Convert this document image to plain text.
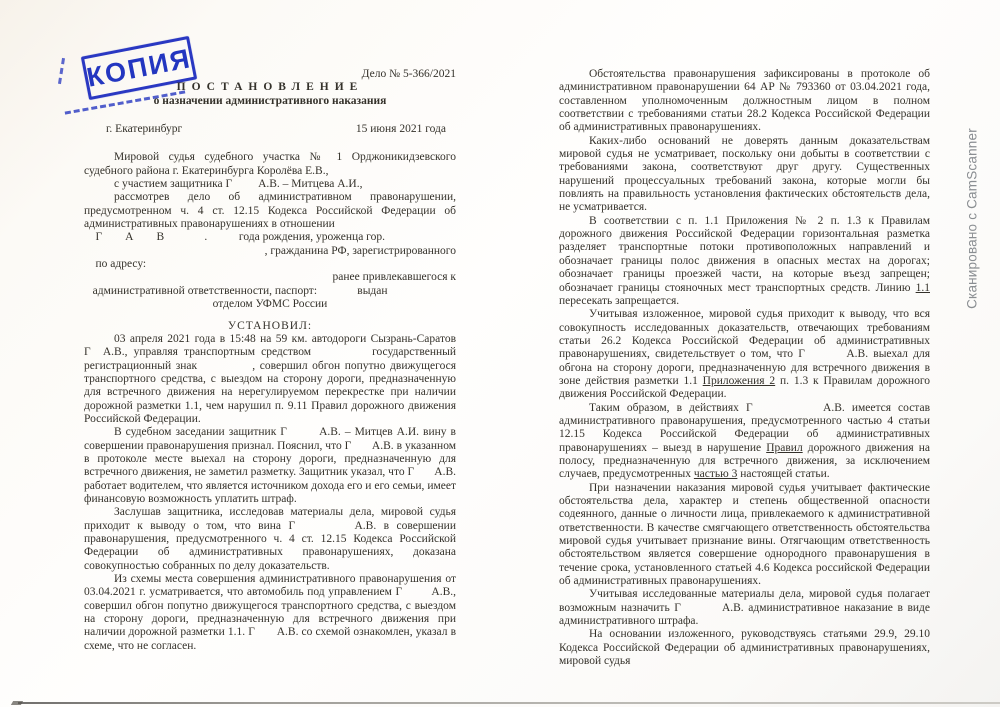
КОПИЯ	Дело № 5-366/2021
ПОСТАНОВЛЕНИЕ
о назначении административного наказания
г. Екатеринбург	15 июня 2021 года
Мировой судья судебного участка № 1 Орджоникидзевского судебного района г. Екатеринбурга Королёва Е.В.,
с участием защитника Г А.В. – Митцева А.И.,
рассмотрев дело об административном правонарушении, предусмотренном ч. 4 ст. 12.15 Кодекса Российской Федерации об административных правонарушениях в отношении
Г А В	.	года рождения, уроженца гор.
, гражданина РФ, зарегистрированного
по адресу:
ранее привлекавшегося к
административной ответственности, паспорт:	выдан
отделом УФМС России
УСТАНОВИЛ:
03 апреля 2021 года в 15:48 на 59 км. автодороги Сызрань-Саратов Г А.В., управляя транспортным средством	государственный регистрационный знак	, совершил обгон попутно движущегося транспортного средства, с выездом на сторону дороги, предназначенную для встречного движения на нерегулируемом перекрестке при наличии дорожной разметки 1.1, чем нарушил п. 9.11 Правил дорожного движения Российской Федерации.
В судебном заседании защитник Г	А.В. – Митцев А.И. вину в совершении правонарушения признал. Пояснил, что Г А.В. в указанном в протоколе месте выехал на сторону дороги, предназначенную для встречного движения, не заметил разметку. Защитник указал, что Г А.В. работает водителем, что является источником дохода его и его семьи, имеет финансовую возможность уплатить штраф.
Заслушав защитника, исследовав материалы дела, мировой судья приходит к выводу о том, что вина Г	А.В. в совершении правонарушения, предусмотренного ч. 4 ст. 12.15 Кодекса Российской Федерации об административных правонарушениях, доказана совокупностью собранных по делу доказательств.
Из схемы места совершения административного правонарушения от 03.04.2021 г. усматривается, что автомобиль под управлением Г	А.В., совершил обгон попутно движущегося транспортного средства, с выездом на сторону дороги, предназначенную для встречного движения при наличии дорожной разметки 1.1. Г А.В. со схемой ознакомлен, указал в схеме, что не согласен.
Обстоятельства правонарушения зафиксированы в протоколе об административном правонарушении 64 АР № 793360 от 03.04.2021 года, составленном уполномоченным должностным лицом в полном соответствии с требованиями статьи 28.2 Кодекса Российской Федерации об административных правонарушениях.
Каких-либо оснований не доверять данным доказательствам мировой судья не усматривает, поскольку они добыты в соответствии с требованиями закона, соответствуют друг другу. Существенных нарушений процессуальных требований закона, которые могли бы повлиять на правильность установления фактических обстоятельств дела, не усматривается.
В соответствии с п. 1.1 Приложения № 2 п. 1.3 к Правилам дорожного движения Российской Федерации горизонтальная разметка разделяет транспортные потоки противоположных направлений и обозначает границы полос движения в опасных местах на дорогах; обозначает границы проезжей части, на которые въезд запрещен; обозначает границы стояночных мест транспортных средств. Линию 1.1 пересекать запрещается.
Учитывая изложенное, мировой судья приходит к выводу, что вся совокупность исследованных доказательств, отвечающих требованиям статьи 26.2 Кодекса Российской Федерации об административных правонарушениях, свидетельствует о том, что Г	А.В. выехал для обгона на сторону дороги, предназначенную для встречного движения в зоне действия разметки 1.1 Приложения 2 п. 1.3 к Правилам дорожного движения Российской Федерации.
Таким образом, в действиях Г	А.В. имеется состав административного правонарушения, предусмотренного частью 4 статьи 12.15 Кодекса Российской Федерации об административных правонарушениях – выезд в нарушение Правил дорожного движения на полосу, предназначенную для встречного движения, за исключением случаев, предусмотренных частью 3 настоящей статьи.
При назначении наказания мировой судья учитывает фактические обстоятельства дела, характер и степень общественной опасности содеянного, данные о личности лица, привлекаемого к административной ответственности. В качестве смягчающего ответственность обстоятельства мировой судья учитывает признание вины. Отягчающим ответственность обстоятельством является совершение однородного правонарушения в течение срока, установленного статьей 4.6 Кодекса российской Федерации об административных правонарушениях.
Учитывая исследованные материалы дела, мировой судья полагает возможным назначить Г	А.В. административное наказание в виде административного штрафа.
На основании изложенного, руководствуясь статьями 29.9, 29.10 Кодекса Российской Федерации об административных правонарушениях, мировой судья
Сканировано с CamScanner
